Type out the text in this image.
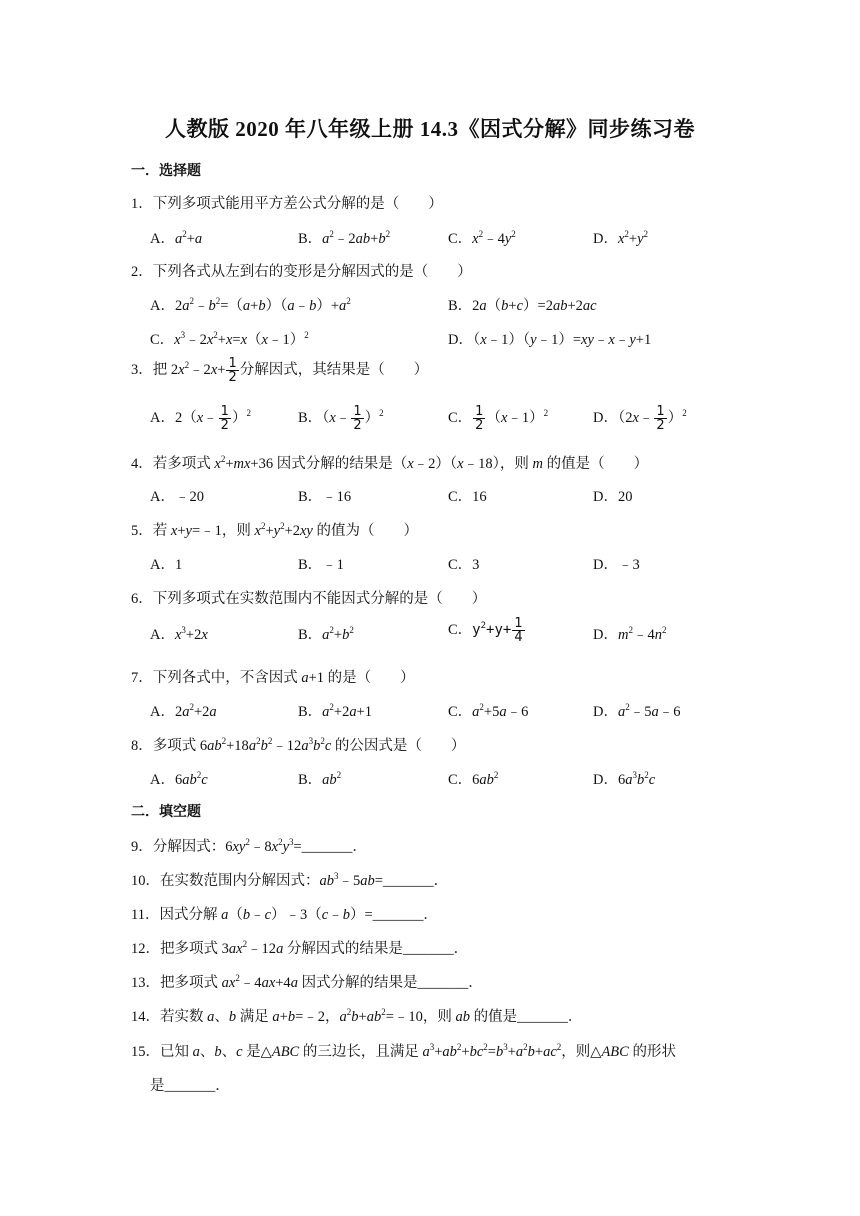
人教版 2020 年八年级上册 14.3《因式分解》同步练习卷
一．选择题
1．下列多项式能用平方差公式分解的是（　　）
A．$a^2+a$	B．$a^2﹣2ab+b^2$	C．$x^2﹣4y^2$	D．$x^2+y^2$
2．下列各式从左到右的变形是分解因式的是（　　）
A．$2a^2﹣b^2=(a+b)(a﹣b)+a^2$	B．2a（b+c）=2ab+2ac
C．$x^3﹣2x^2+x=x(x﹣1)^2$	D．（x﹣1）（y﹣1）=xy﹣x﹣y+1
3．把 $2x^2﹣2x+ \frac{1}{2}$ 分解因式，其结果是（　　）
A．2（x﹣ $\frac{1}{2} )^2$	B．（x﹣ $\frac{1}{2} )^2$	C． $\frac{1}{2}$ （x﹣1）$^2$	D．（2x﹣ $\frac{1}{2} )^2$
4．若多项式 $x^2+mx+36$ 因式分解的结果是（x﹣2）（x﹣18），则 m 的值是（　　）
A．﹣20	B．﹣16	C．16	D．20
5．若 x+y=﹣1，则 $x^2+y^2+2xy$ 的值为（　　）
A．1	B．﹣1	C．3	D．﹣3
6．下列多项式在实数范围内不能因式分解的是（　　）
A．$x^3+2x$	B．$a^2+b^2$	C．$y^2+y+ \frac{1}{4}$	D．$m^2﹣4n^2$
7．下列各式中，不含因式 a+1 的是（　　）
A．$2a^2+2a$	B．$a^2+2a+1$	C．$a^2+5a﹣6$	D．$a^2﹣5a﹣6$
8．多项式 $6ab^2+18a^2b^2﹣12a^3b^2c$ 的公因式是（　　）
A．$6ab^2c$	B．$ab^2$	C．$6ab^2$	D．$6a^3b^2c$
二．填空题
9．分解因式：$6xy^2﹣8x^2y^3=\_\_\_\_\_\_\_$．
10．在实数范围内分解因式：$ab^3﹣5ab=\_\_\_\_\_\_\_$．
11．因式分解 a（b﹣c）﹣3（c﹣b）=_______．
12．把多项式 $3ax^2﹣12a$ 分解因式的结果是_______．
13．把多项式 $ax^2﹣4ax+4a$ 因式分解的结果是_______．
14．若实数 a、b 满足 a+b=﹣2，$a^2b+ab^2=﹣10$，则 ab 的值是_______．
15．已知 a、b、c 是△ABC 的三边长，且满足 $a^3+ab^2+bc^2=b^3+a^2b+ac^2$，则△ABC 的形状
是_______．
